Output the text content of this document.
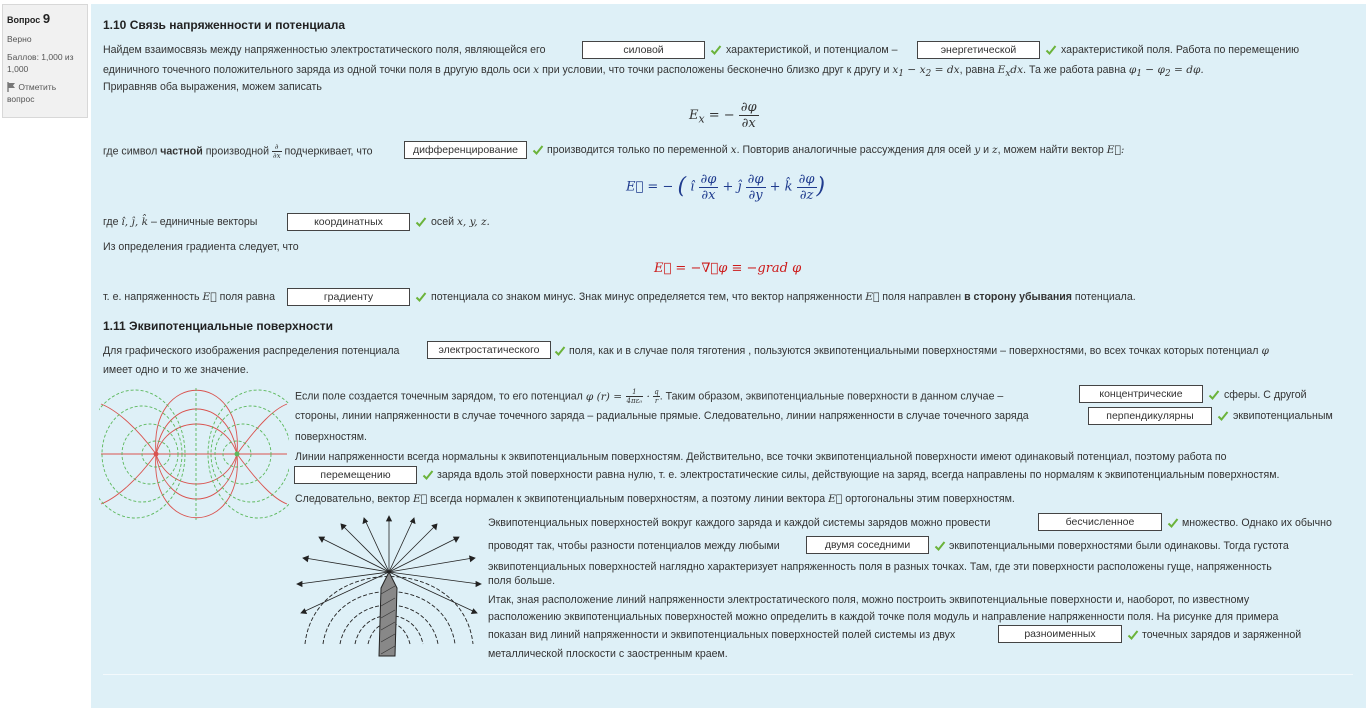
Вопрос 9
Верно
Баллов: 1,000 из 1,000
Отметить вопрос
1.10 Связь напряженности и потенциала
Найдем взаимосвязь между напряженностью электростатического поля, являющейся его	силовой	характеристикой, и потенциалом –	энергетической	характеристикой поля. Работа по перемещению
единичного точечного положительного заряда из одной точки поля в другую вдоль оси x при условии, что точки расположены бесконечно близко друг к другу и $x_1 - x_2$ = dx, равна $E_xdx$. Та же работа равна $\varphi_1 - \varphi_2 = d\varphi$.
Приравняв оба выражения, можем записать
$E_x$ = − $\frac{\partial\varphi}{\partial x}$
где символ частной производной $\frac{\partial}{\partial x}$ подчеркивает, что	дифференцирование	производится только по переменной x. Повторив аналогичные рассуждения для осей y и z, можем найти вектор E⃗:
E⃗ = − ( î $\frac{\partial\varphi}{\partial x}$ + ĵ $\frac{\partial\varphi}{\partial y}$ + k̂ $\frac{\partial\varphi}{\partial z}$ )
где î, ĵ, k̂ – единичные векторы	координатных	осей x, y, z.
Из определения градиента следует, что
E⃗ = −∇⃗φ ≡ −grad φ
т. е. напряженность E⃗ поля равна	градиенту	потенциала со знаком минус. Знак минус определяется тем, что вектор напряженности E⃗ поля направлен в сторону убывания потенциала.
1.11 Эквипотенциальные поверхности
Для графического изображения распределения потенциала	электростатического	поля, как и в случае поля тяготения , пользуются эквипотенциальными поверхностями – поверхностями, во всех точках которых потенциал φ
имеет одно и то же значение.
Если поле создается точечным зарядом, то его потенциал φ $(r) = \frac{1}{\text{4πε₀}} \cdot \frac{q}{r}$ . Таким образом, эквипотенциальные поверхности в данном случае –	концентрические	сферы. С другой
стороны, линии напряженности в случае точечного заряда – радиальные прямые. Следовательно, линии напряженности в случае точечного заряда	перпендикулярны	эквипотенциальным
поверхностям.
Линии напряженности всегда нормальны к эквипотенциальным поверхностям. Действительно, все точки эквипотенциальной поверхности имеют одинаковый потенциал, поэтому работа по
перемещению	заряда вдоль этой поверхности равна нулю, т. е. электростатические силы, действующие на заряд, всегда направлены по нормалям к эквипотенциальным поверхностям.
Следовательно, вектор E⃗ всегда нормален к эквипотенциальным поверхностям, а поэтому линии вектора E⃗ ортогональны этим поверхностям.
Эквипотенциальных поверхностей вокруг каждого заряда и каждой системы зарядов можно провести	бесчисленное	множество. Однако их обычно
проводят так, чтобы разности потенциалов между любыми	двумя соседними	эквипотенциальными поверхностями были одинаковы. Тогда густота
эквипотенциальных поверхностей наглядно характеризует напряженность поля в разных точках. Там, где эти поверхности расположены гуще, напряженность
поля больше.
Итак, зная расположение линий напряженности электростатического поля, можно построить эквипотенциальные поверхности и, наоборот, по известному
расположению эквипотенциальных поверхностей можно определить в каждой точке поля модуль и направление напряженности поля. На рисунке для примера
показан вид линий напряженности и эквипотенциальных поверхностей полей системы из двух	разноименных	точечных зарядов и заряженной
металлической плоскости с заостренным краем.
